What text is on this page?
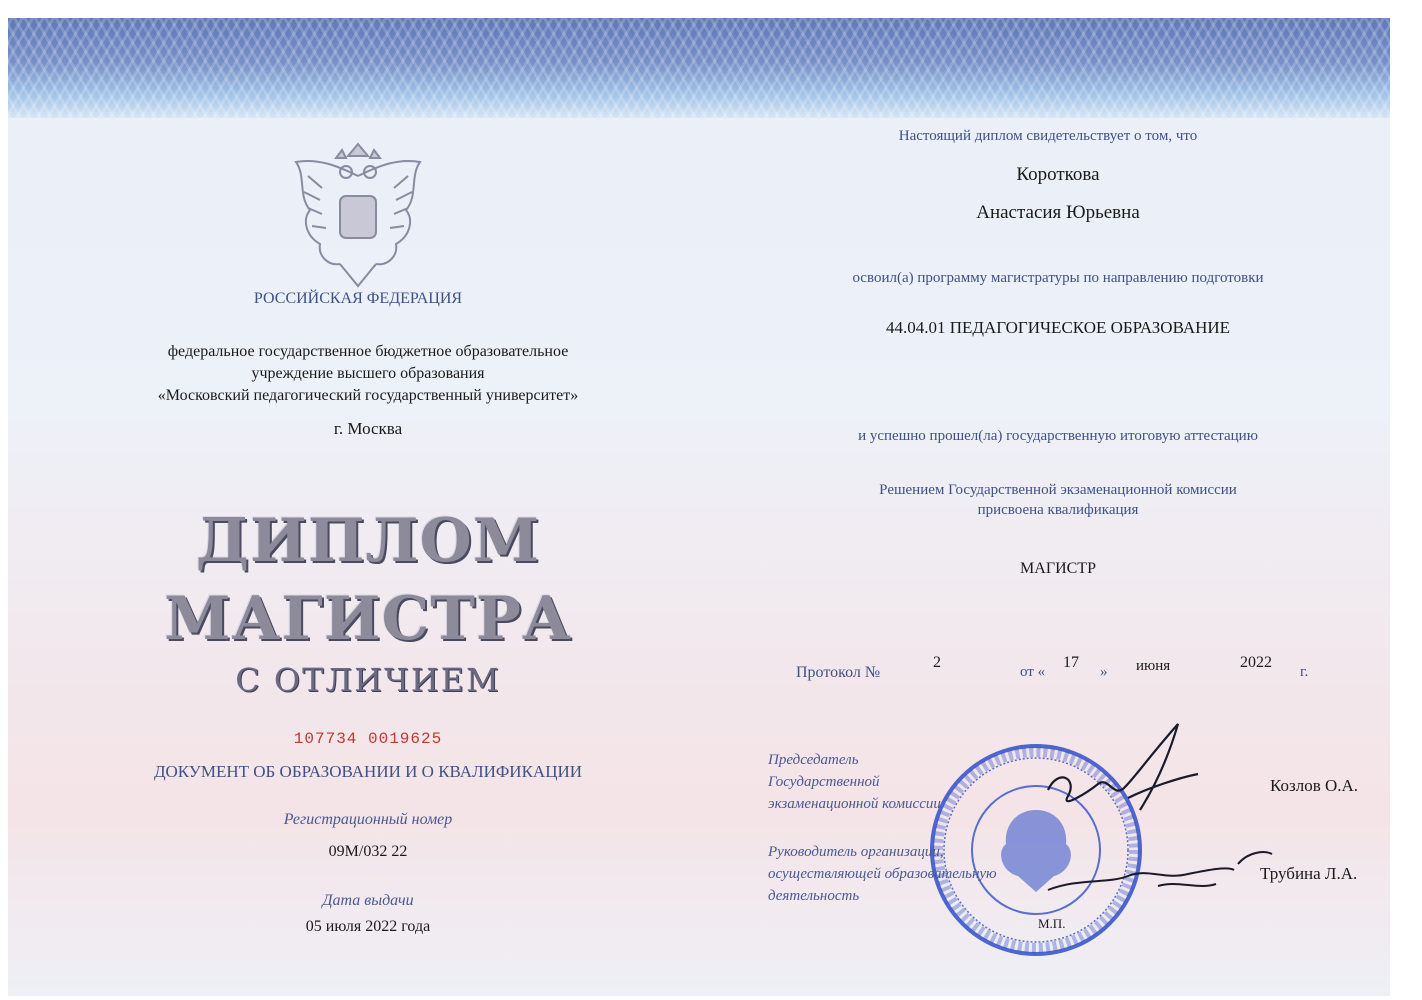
РОССИЙСКАЯ ФЕДЕРАЦИЯ
федеральное государственное бюджетное образовательное
учреждение высшего образования
«Московский педагогический государственный университет»
г. Москва
ДИПЛОМ
МАГИСТРА
С ОТЛИЧИЕМ
107734 0019625
ДОКУМЕНТ ОБ ОБРАЗОВАНИИ И О КВАЛИФИКАЦИИ
Регистрационный номер
09М/032 22
Дата выдачи
05 июля 2022 года
Настоящий диплом свидетельствует о том, что
Короткова
Анастасия Юрьевна
освоил(а) программу магистратуры по направлению подготовки
44.04.01 ПЕДАГОГИЧЕСКОЕ ОБРАЗОВАНИЕ
и успешно прошел(ла) государственную итоговую аттестацию
Решением Государственной экзаменационной комиссии
присвоена квалификация
МАГИСТР
Протокол №
2
от «
17
» июня	2022
г.
Председатель
Государственной
экзаменационной комиссии
Козлов О.А.
Руководитель организации,
осуществляющей образовательную
деятельность
Трубина Л.А.
М.П.
